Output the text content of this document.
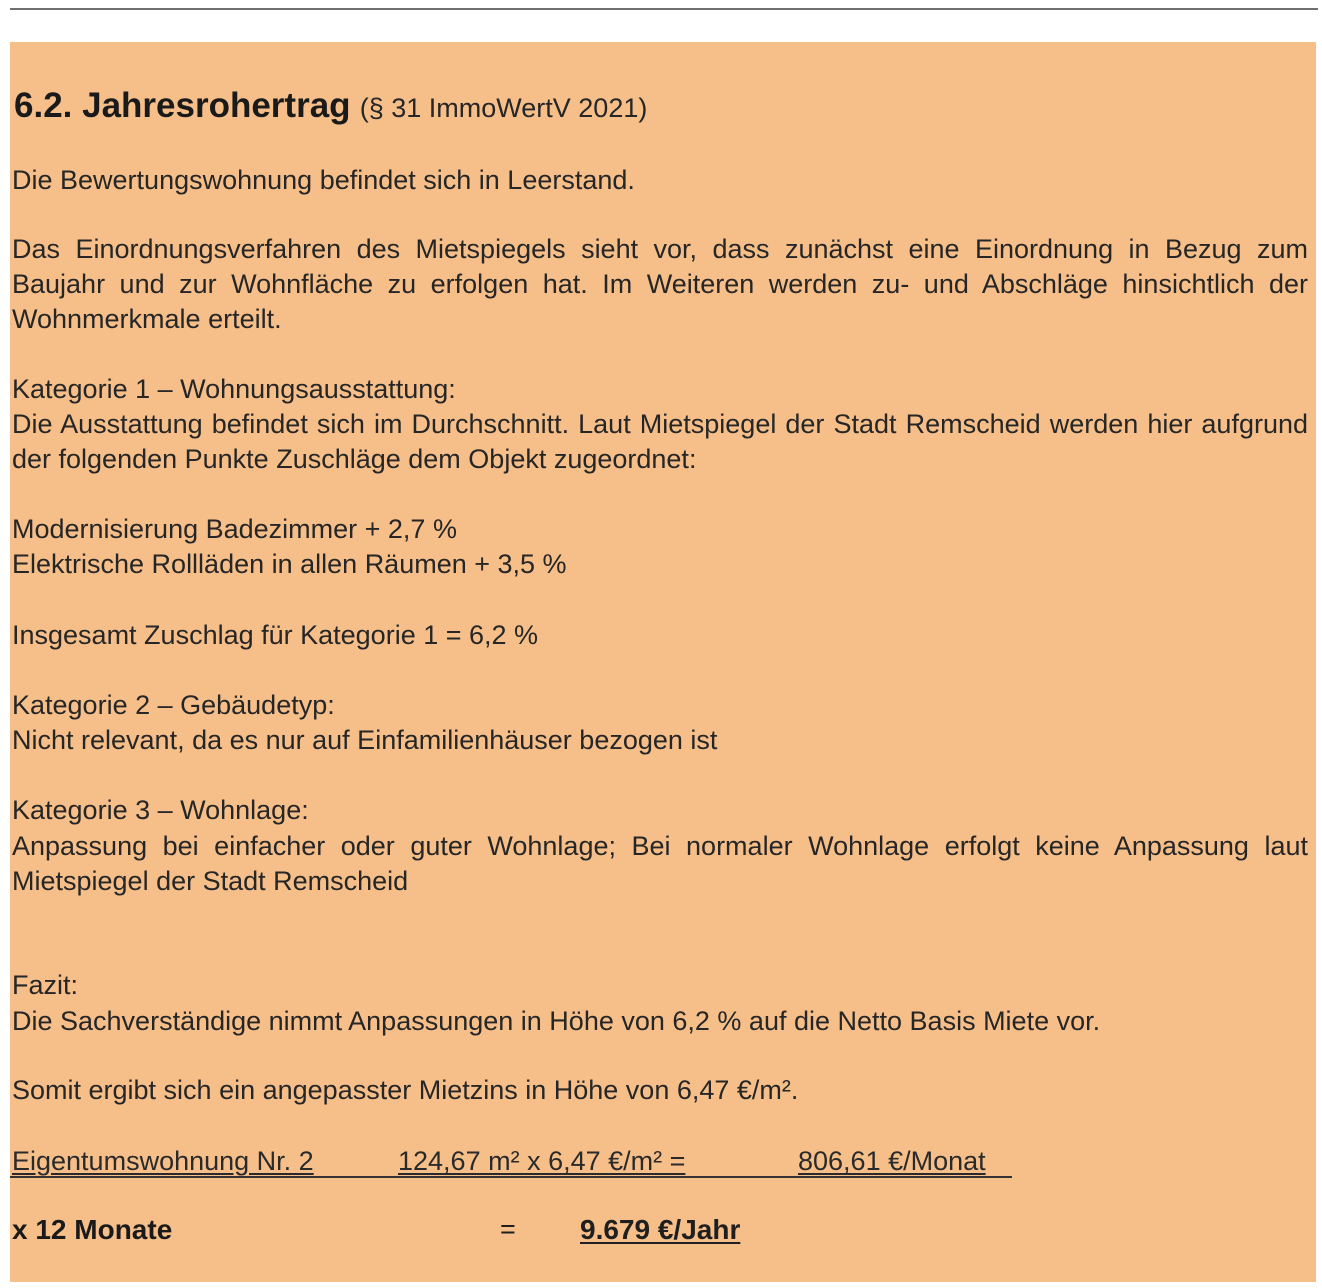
6.2. Jahresrohertrag (§ 31 ImmoWertV 2021)

Die Bewertungswohnung befindet sich in Leerstand.

Das Einordnungsverfahren des Mietspiegels sieht vor, dass zunächst eine Einordnung in Bezug zum Baujahr und zur Wohnfläche zu erfolgen hat. Im Weiteren werden zu- und Abschläge hinsichtlich der Wohnmerkmale erteilt.

Kategorie 1 – Wohnungsausstattung:

Die Ausstattung befindet sich im Durchschnitt. Laut Mietspiegel der Stadt Remscheid werden hier aufgrund der folgenden Punkte Zuschläge dem Objekt zugeordnet:

Modernisierung Badezimmer + 2,7 %

Elektrische Rollläden in allen Räumen + 3,5 %

Insgesamt Zuschlag für Kategorie 1 = 6,2 %

Kategorie 2 – Gebäudetyp:

Nicht relevant, da es nur auf Einfamilienhäuser bezogen ist

Kategorie 3 – Wohnlage:

Anpassung bei einfacher oder guter Wohnlage; Bei normaler Wohnlage erfolgt keine Anpassung laut Mietspiegel der Stadt Remscheid

Fazit:

Die Sachverständige nimmt Anpassungen in Höhe von 6,2 % auf die Netto Basis Miete vor.

Somit ergibt sich ein angepasster Mietzins in Höhe von 6,47 €/m².

Eigentumswohnung Nr. 2	124,67 m² x 6,47 €/m² =	806,61 €/Monat
x 12 Monate	= 9.679 €/Jahr
